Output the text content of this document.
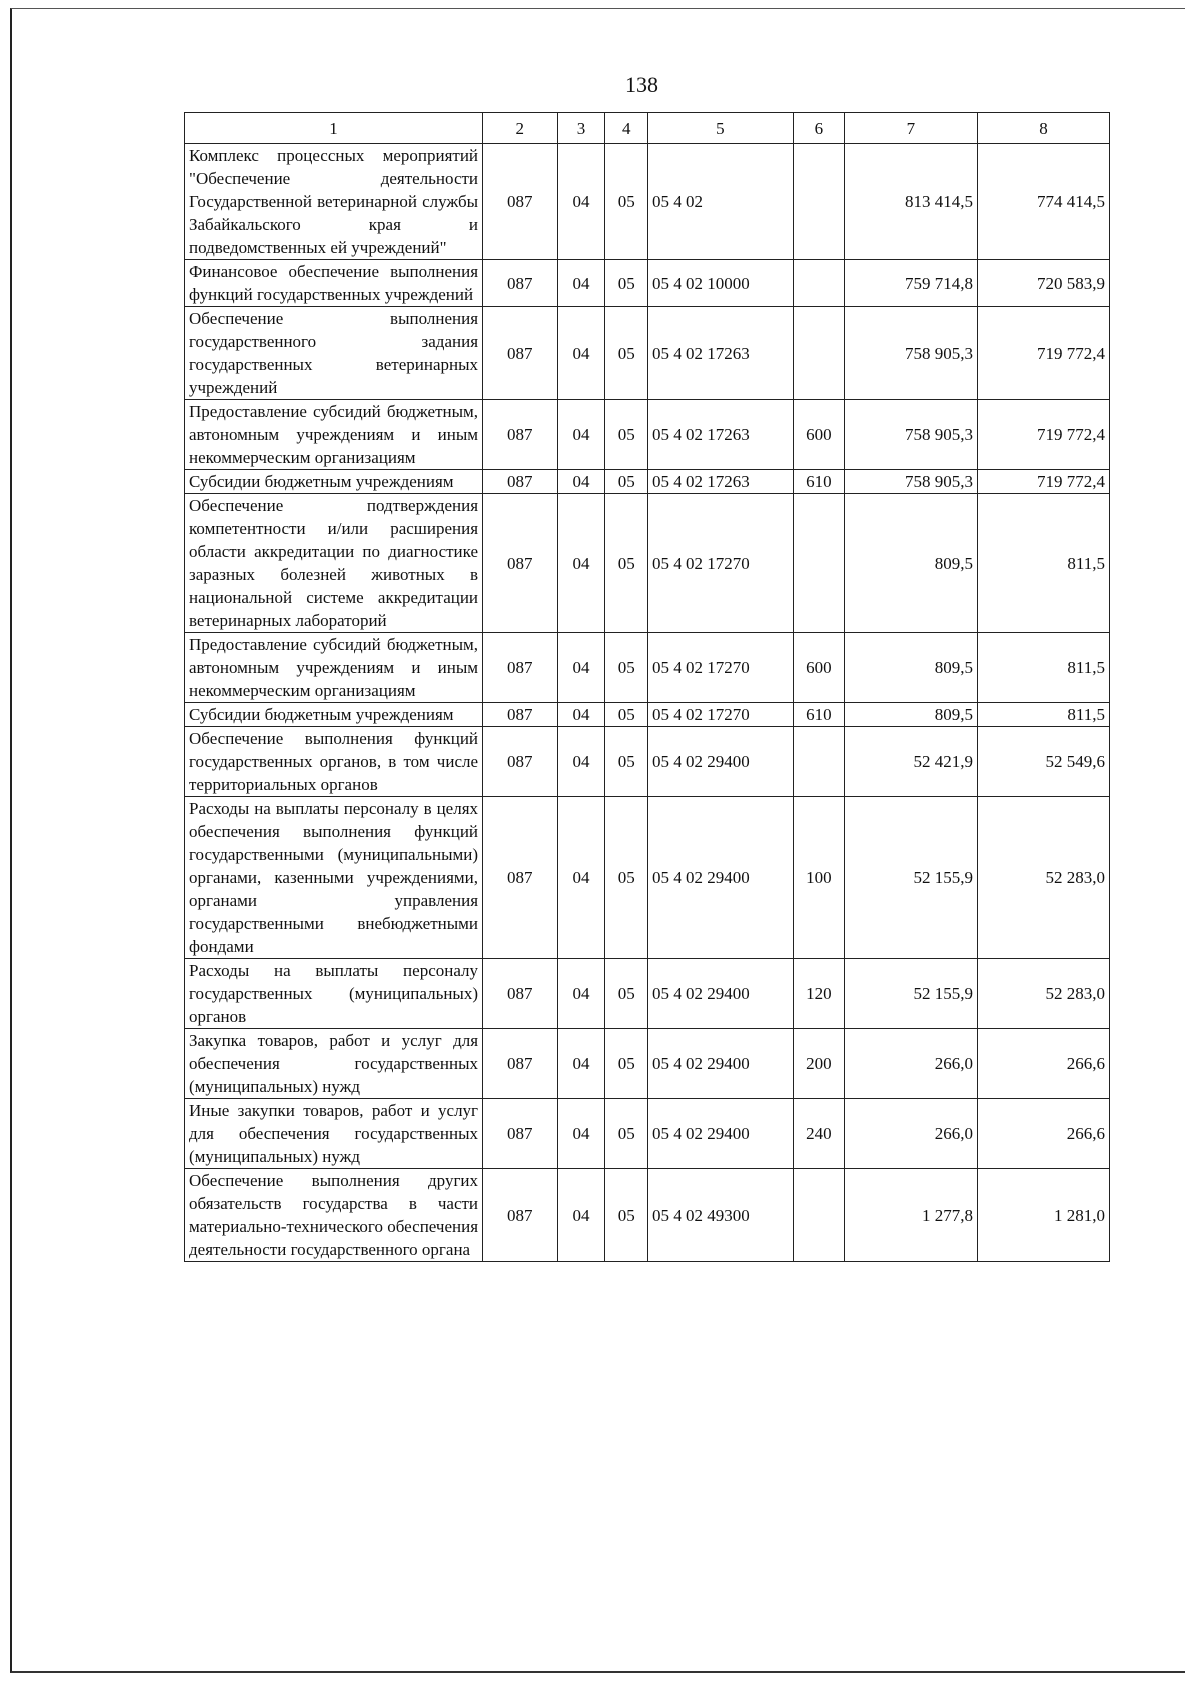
138
1	2	3	4	5	6	7	8
Комплекс процессных мероприятий "Обеспечение деятельности Государственной ветеринарной службы Забайкальского края и подведомственных ей учреждений"	087	04	05	05 4 02		813 414,5	774 414,5
Финансовое обеспечение выполнения функций государственных учреждений	087	04	05	05 4 02 10000		759 714,8	720 583,9
Обеспечение выполнения государственного задания государственных ветеринарных учреждений	087	04	05	05 4 02 17263		758 905,3	719 772,4
Предоставление субсидий бюджетным, автономным учреждениям и иным некоммерческим организациям	087	04	05	05 4 02 17263	600	758 905,3	719 772,4
Субсидии бюджетным учреждениям	087	04	05	05 4 02 17263	610	758 905,3	719 772,4
Обеспечение подтверждения компетентности и/или расширения области аккредитации по диагностике заразных болезней животных в национальной системе аккредитации ветеринарных лабораторий	087	04	05	05 4 02 17270		809,5	811,5
Предоставление субсидий бюджетным, автономным учреждениям и иным некоммерческим организациям	087	04	05	05 4 02 17270	600	809,5	811,5
Субсидии бюджетным учреждениям	087	04	05	05 4 02 17270	610	809,5	811,5
Обеспечение выполнения функций государственных органов, в том числе территориальных органов	087	04	05	05 4 02 29400		52 421,9	52 549,6
Расходы на выплаты персоналу в целях обеспечения выполнения функций государственными (муниципальными) органами, казенными учреждениями, органами управления государственными внебюджетными фондами	087	04	05	05 4 02 29400	100	52 155,9	52 283,0
Расходы на выплаты персоналу государственных (муниципальных) органов	087	04	05	05 4 02 29400	120	52 155,9	52 283,0
Закупка товаров, работ и услуг для обеспечения государственных (муниципальных) нужд	087	04	05	05 4 02 29400	200	266,0	266,6
Иные закупки товаров, работ и услуг для обеспечения государственных (муниципальных) нужд	087	04	05	05 4 02 29400	240	266,0	266,6
Обеспечение выполнения других обязательств государства в части материально-технического обеспечения деятельности государственного органа	087	04	05	05 4 02 49300		1 277,8	1 281,0
